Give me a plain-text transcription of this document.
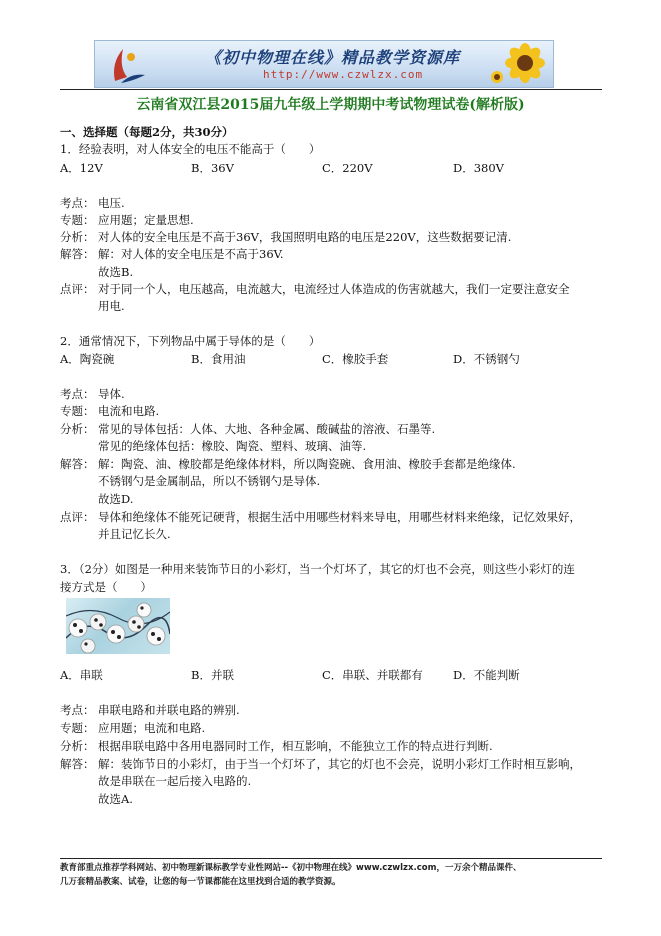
《初中物理在线》精品教学资源库
http://www.czwlzx.com
云南省双江县2015届九年级上学期期中考试物理试卷(解析版)
一、选择题（每题2分，共30分）
1．经验表明，对人体安全的电压不能高于（　　）
A．12V	B．36V	C．220V	D．380V
考点： 电压.
专题： 应用题；定量思想.
分析： 对人体的安全电压是不高于36V，我国照明电路的电压是220V，这些数据要记清.
解答： 解：对人体的安全电压是不高于36V.
故选B.
点评： 对于同一个人，电压越高，电流越大，电流经过人体造成的伤害就越大，我们一定要注意安全
用电.
2．通常情况下，下列物品中属于导体的是（　　）
A．陶瓷碗	B．食用油	C．橡胶手套	D．不锈钢勺
考点： 导体.
专题： 电流和电路.
分析： 常见的导体包括：人体、大地、各种金属、酸碱盐的溶液、石墨等.
常见的绝缘体包括：橡胶、陶瓷、塑料、玻璃、油等.
解答： 解：陶瓷、油、橡胶都是绝缘体材料，所以陶瓷碗、食用油、橡胶手套都是绝缘体.
不锈钢勺是金属制品，所以不锈钢勺是导体.
故选D.
点评： 导体和绝缘体不能死记硬背，根据生活中用哪些材料来导电，用哪些材料来绝缘，记忆效果好，
并且记忆长久.
3．（2分）如图是一种用来装饰节日的小彩灯，当一个灯坏了，其它的灯也不会亮，则这些小彩灯的连
接方式是（　　）
A．串联	B．并联	C．串联、并联都有	D．不能判断
考点： 串联电路和并联电路的辨别.
专题： 应用题；电流和电路.
分析： 根据串联电路中各用电器同时工作，相互影响，不能独立工作的特点进行判断.
解答： 解：装饰节日的小彩灯，由于当一个灯坏了，其它的灯也不会亮，说明小彩灯工作时相互影响，
故是串联在一起后接入电路的.
故选A.
教育部重点推荐学科网站、初中物理新课标教学专业性网站--《初中物理在线》www.czwlzx.com，一万余个精品课件、
几万套精品教案、试卷，让您的每一节课都能在这里找到合适的教学资源。
